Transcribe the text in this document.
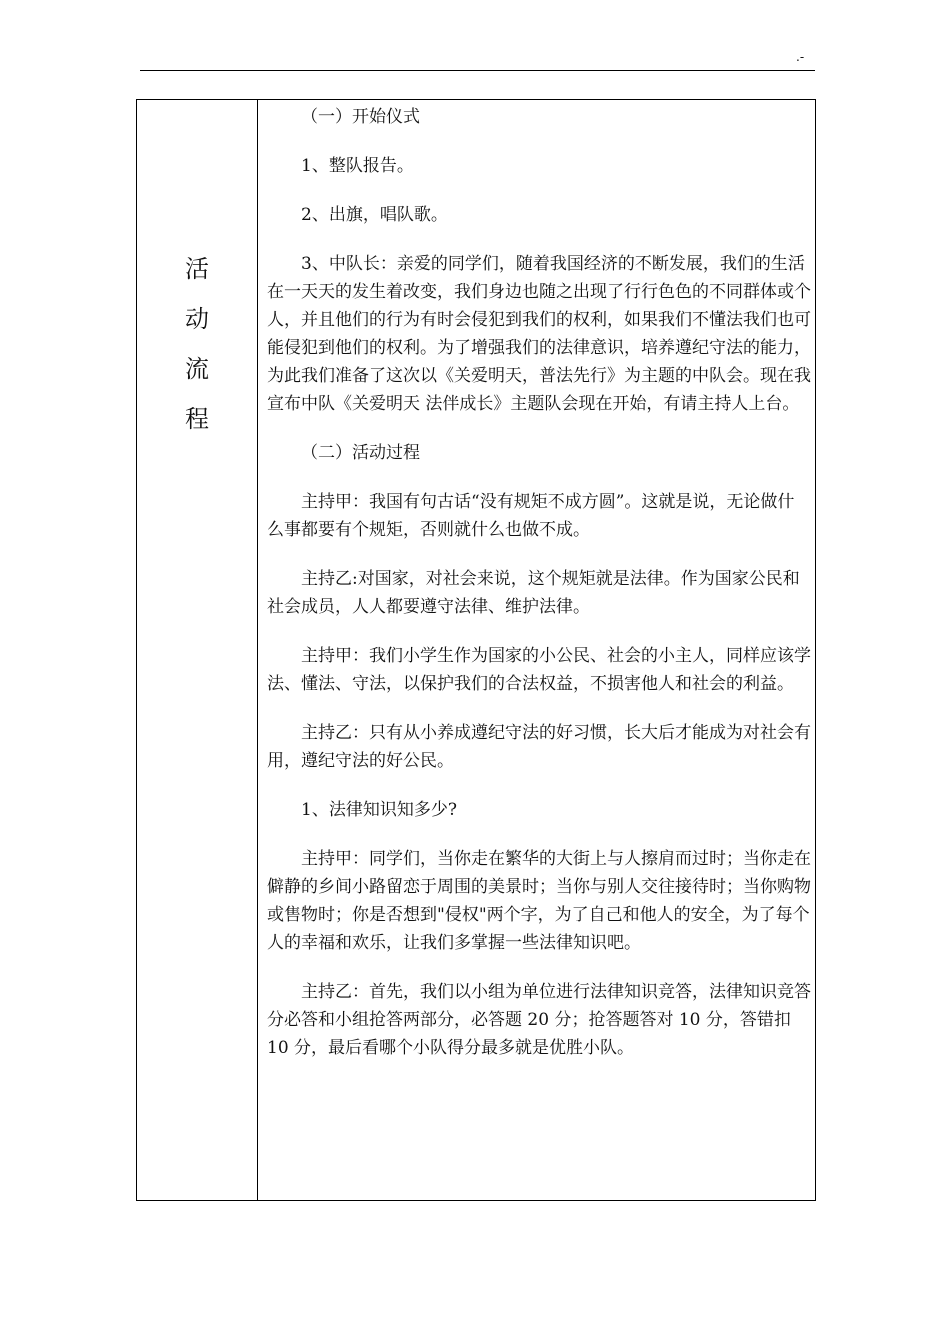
.-
活
动
流
程

（一）开始仪式

1、整队报告。

2、出旗，唱队歌。

3、中队长：亲爱的同学们，随着我国经济的不断发展，我们的生活在一天天的发生着改变，我们身边也随之出现了行行色色的不同群体或个人，并且他们的行为有时会侵犯到我们的权利，如果我们不懂法我们也可能侵犯到他们的权利。为了增强我们的法律意识，培养遵纪守法的能力，为此我们准备了这次以《关爱明天，普法先行》为主题的中队会。现在我宣布中队《关爱明天 法伴成长》主题队会现在开始，有请主持人上台。

（二）活动过程

主持甲：我国有句古话“没有规矩不成方圆”。这就是说，无论做什么事都要有个规矩，否则就什么也做不成。

主持乙:对国家，对社会来说，这个规矩就是法律。作为国家公民和社会成员，人人都要遵守法律、维护法律。

主持甲：我们小学生作为国家的小公民、社会的小主人，同样应该学法、懂法、守法，以保护我们的合法权益，不损害他人和社会的利益。

主持乙：只有从小养成遵纪守法的好习惯，长大后才能成为对社会有用，遵纪守法的好公民。

1、法律知识知多少?

主持甲：同学们，当你走在繁华的大街上与人擦肩而过时；当你走在僻静的乡间小路留恋于周围的美景时；当你与别人交往接待时；当你购物或售物时；你是否想到"侵权"两个字，为了自己和他人的安全，为了每个人的幸福和欢乐，让我们多掌握一些法律知识吧。

主持乙：首先，我们以小组为单位进行法律知识竞答，法律知识竞答分必答和小组抢答两部分，必答题 20 分；抢答题答对 10 分，答错扣 10 分，最后看哪个小队得分最多就是优胜小队。
